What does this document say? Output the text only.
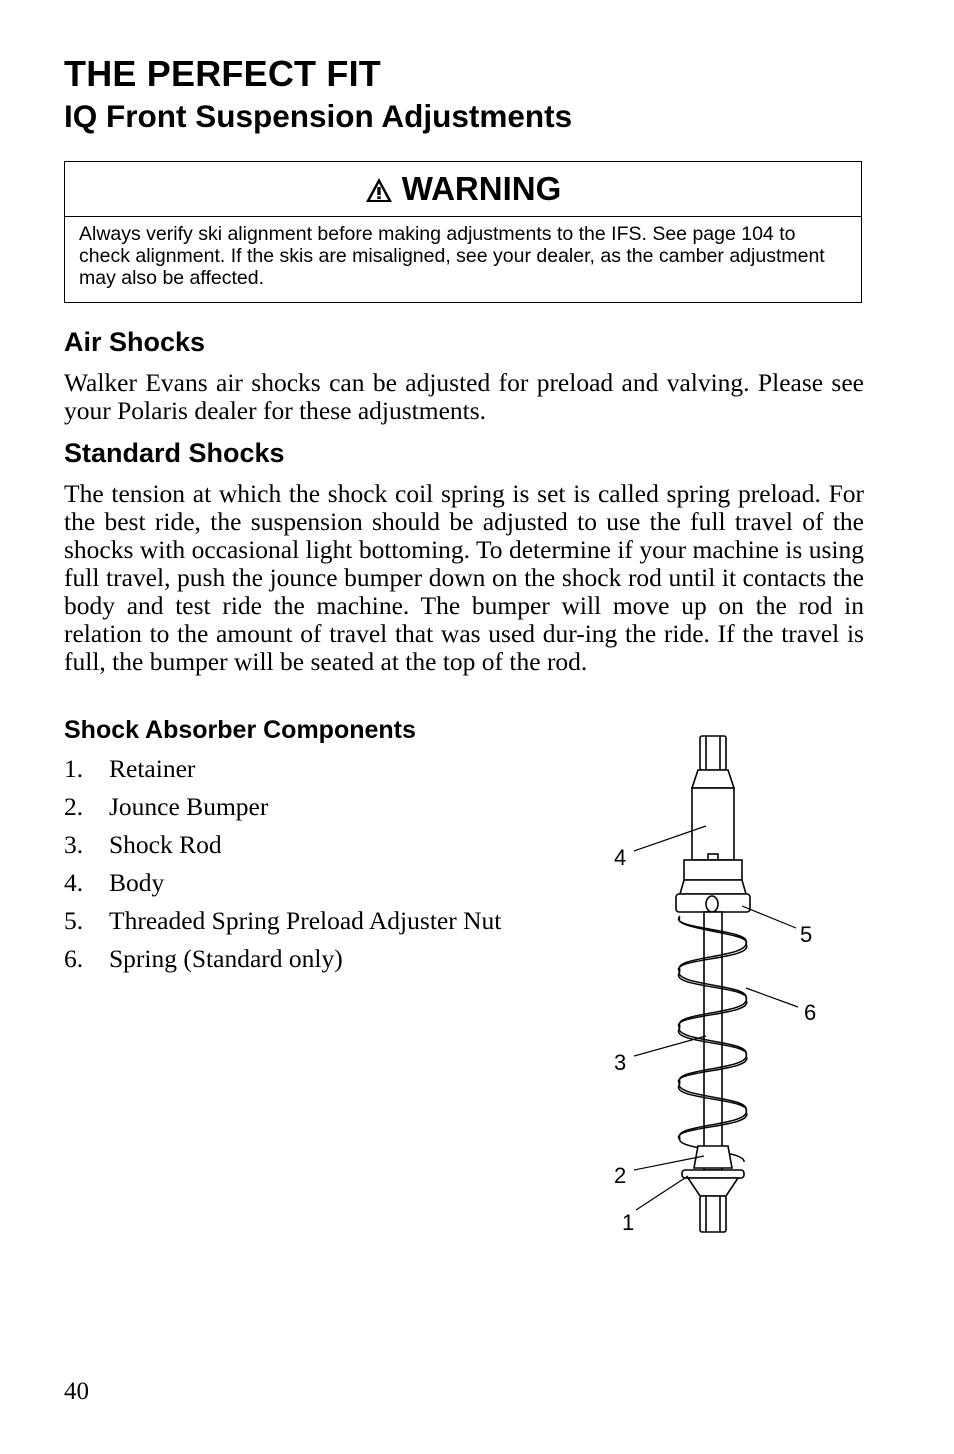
THE PERFECT FIT
IQ Front Suspension Adjustments
WARNING
Always verify ski alignment before making adjustments to the IFS. See page 104 to check alignment. If the skis are misaligned, see your dealer, as the camber adjustment may also be affected.
Air Shocks

Walker Evans air shocks can be adjusted for preload and valving. Please see your Polaris dealer for these adjustments.

Standard Shocks

The tension at which the shock coil spring is set is called spring preload. For the best ride, the suspension should be adjusted to use the full travel of the shocks with occasional light bottoming. To determine if your machine is using full travel, push the jounce bumper down on the shock rod until it contacts the body and test ride the machine. The bumper will move up on the rod in relation to the amount of travel that was used dur-ing the ride. If the travel is full, the bumper will be seated at the top of the rod.

Shock Absorber Components
1. Retainer
2. Jounce Bumper
3. Shock Rod
4. Body
5. Threaded Spring Preload Adjuster Nut
6. Spring (Standard only)
4
5
6
3
2
1
40
